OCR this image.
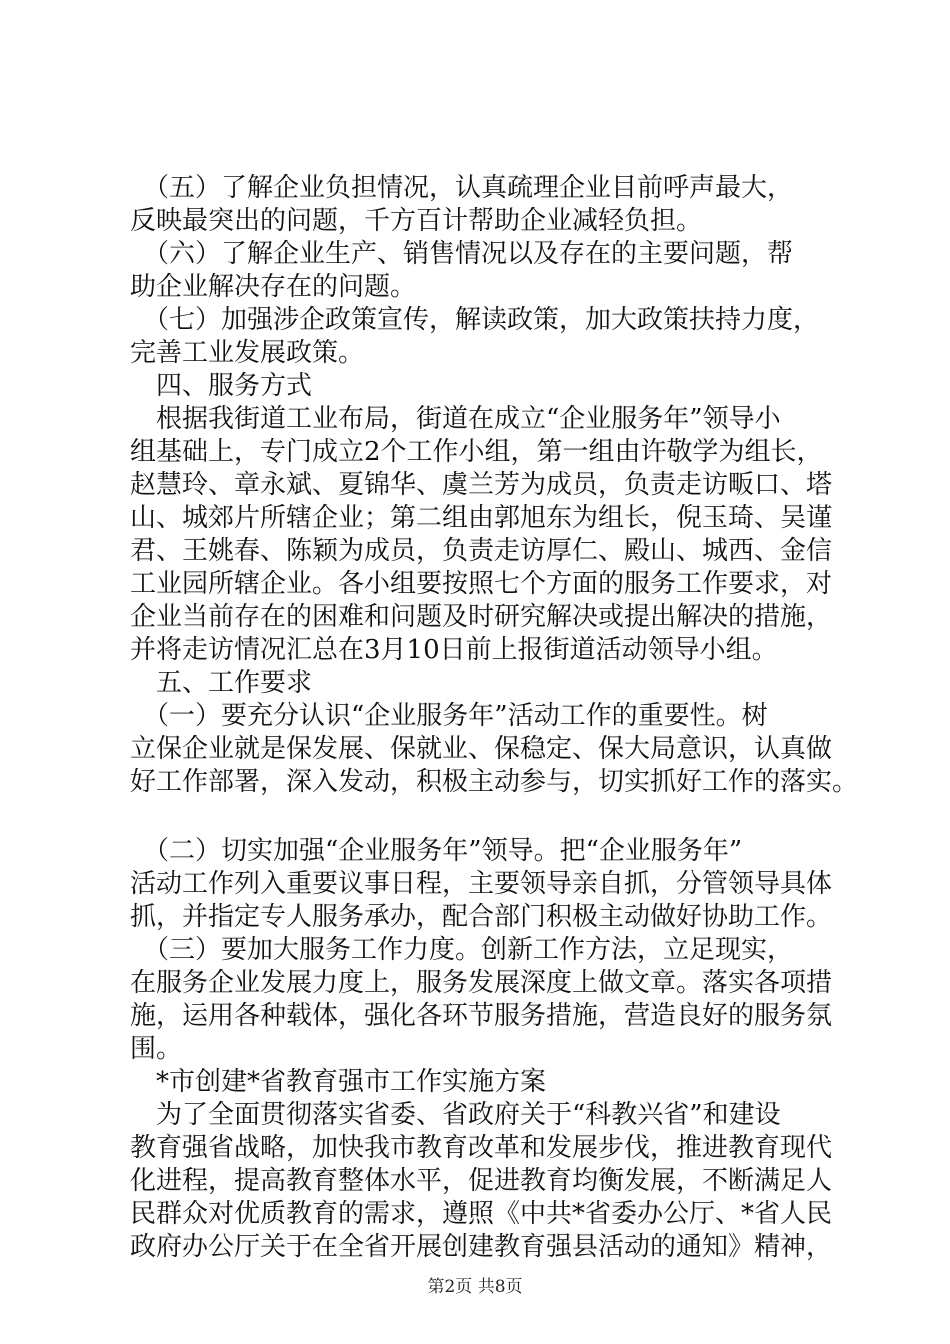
　（五）了解企业负担情况，认真疏理企业目前呼声最大，
反映最突出的问题，千方百计帮助企业减轻负担。
　（六）了解企业生产、销售情况以及存在的主要问题，帮
助企业解决存在的问题。
　（七）加强涉企政策宣传，解读政策，加大政策扶持力度，
完善工业发展政策。
　四、服务方式
　根据我街道工业布局，街道在成立“企业服务年”领导小
组基础上，专门成立2个工作小组，第一组由许敬学为组长，
赵慧玲、章永斌、夏锦华、虞兰芳为成员，负责走访畈口、塔
山、城郊片所辖企业；第二组由郭旭东为组长，倪玉琦、吴谨
君、王姚春、陈颖为成员，负责走访厚仁、殿山、城西、金信
工业园所辖企业。各小组要按照七个方面的服务工作要求，对
企业当前存在的困难和问题及时研究解决或提出解决的措施，
并将走访情况汇总在3月10日前上报街道活动领导小组。
　五、工作要求
　（一）要充分认识“企业服务年”活动工作的重要性。树
立保企业就是保发展、保就业、保稳定、保大局意识，认真做
好工作部署，深入发动，积极主动参与，切实抓好工作的落实。
　（二）切实加强“企业服务年”领导。把“企业服务年”
活动工作列入重要议事日程，主要领导亲自抓，分管领导具体
抓，并指定专人服务承办，配合部门积极主动做好协助工作。
　（三）要加大服务工作力度。创新工作方法，立足现实，
在服务企业发展力度上，服务发展深度上做文章。落实各项措
施，运用各种载体，强化各环节服务措施，营造良好的服务氛
围。
　*市创建*省教育强市工作实施方案
　为了全面贯彻落实省委、省政府关于“科教兴省”和建设
教育强省战略，加快我市教育改革和发展步伐，推进教育现代
化进程，提高教育整体水平，促进教育均衡发展，不断满足人
民群众对优质教育的需求，遵照《中共*省委办公厅、*省人民
政府办公厅关于在全省开展创建教育强县活动的通知》精神，
第2页 共8页
